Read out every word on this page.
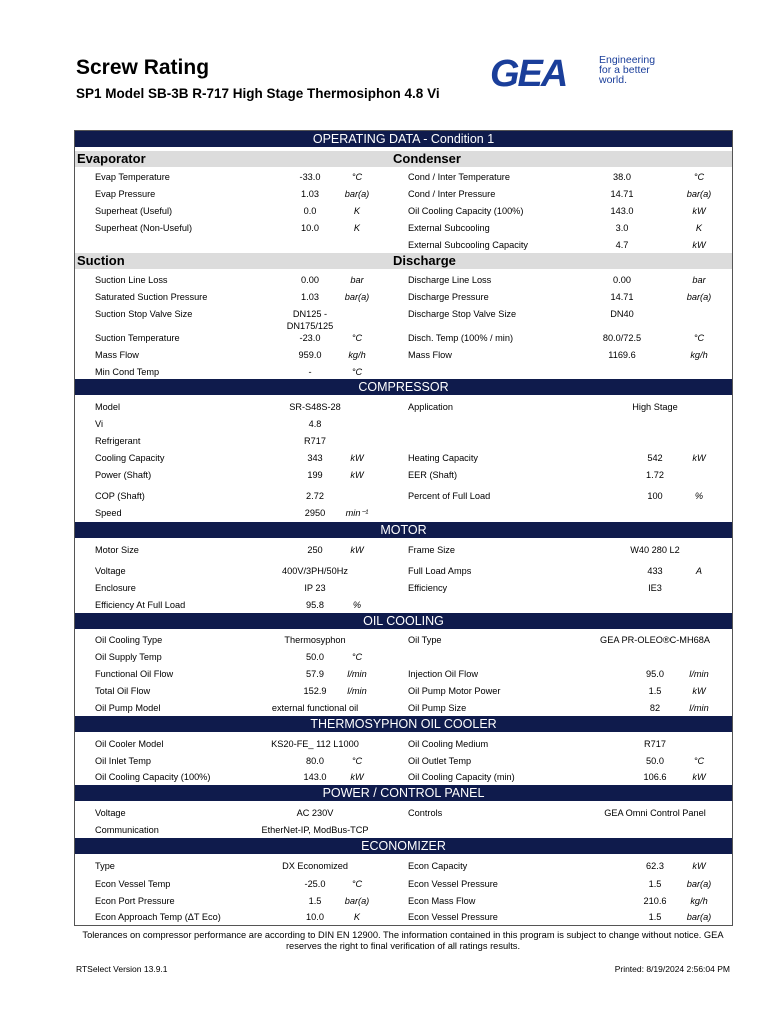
Screw Rating
SP1 Model SB-3B R-717 High Stage Thermosiphon 4.8 Vi GEA	Engineering
for a better
world.
OPERATING DATA - Condition 1
Evaporator	Condenser
Evap Temperature	-33.0	°C	Cond / Inter Temperature	38.0	°C
Evap Pressure	1.03	bar(a)	Cond / Inter Pressure	14.71	bar(a)
Superheat (Useful)	0.0	K	Oil Cooling Capacity (100%)	143.0	kW
Superheat (Non-Useful)	10.0	K	External Subcooling	3.0	K
External Subcooling Capacity	4.7	kW
Suction	Discharge
Suction Line Loss	0.00	bar	Discharge Line Loss	0.00	bar
Saturated Suction Pressure	1.03	bar(a)	Discharge Pressure	14.71	bar(a)
Suction Stop Valve Size	DN125 -	Discharge Stop Valve Size	DN40
DN175/125
Suction Temperature	-23.0	°C	Disch. Temp (100% / min)	80.0/72.5	°C
Mass Flow	959.0	kg/h	Mass Flow	1169.6	kg/h
Min Cond Temp	-	°C
COMPRESSOR
Model	SR-S48S-28	Application	High Stage
Vi	4.8
Refrigerant	R717
Cooling Capacity	343	kW	Heating Capacity	542	kW
Power (Shaft)	199	kW	EER (Shaft)	1.72
COP (Shaft)	2.72	Percent of Full Load	100	%
Speed	2950	min⁻¹
MOTOR
Motor Size	250	kW	Frame Size	W40 280 L2
Voltage	400V/3PH/50Hz	Full Load Amps	433	A
Enclosure	IP 23	Efficiency	IE3
Efficiency At Full Load	95.8	%
OIL COOLING
Oil Cooling Type	Thermosyphon	Oil Type	GEA PR-OLEO®C-MH68A
Oil Supply Temp	50.0	°C
Functional Oil Flow	57.9	l/min	Injection Oil Flow	95.0	l/min
Total Oil Flow	152.9	l/min	Oil Pump Motor Power	1.5	kW
Oil Pump Model	external functional oil	Oil Pump Size	82	l/min
THERMOSYPHON OIL COOLER
Oil Cooler Model	KS20-FE_ 112 L1000	Oil Cooling Medium	R717
Oil Inlet Temp	80.0	°C	Oil Outlet Temp	50.0	°C
Oil Cooling Capacity (100%)	143.0	kW	Oil Cooling Capacity (min)	106.6	kW
POWER / CONTROL PANEL
Voltage	AC 230V	Controls	GEA Omni Control Panel
Communication	EtherNet-IP, ModBus-TCP
ECONOMIZER
Type	DX Economized	Econ Capacity	62.3	kW
Econ Vessel Temp	-25.0	°C	Econ Vessel Pressure	1.5	bar(a)
Econ Port Pressure	1.5	bar(a)	Econ Mass Flow	210.6	kg/h
Econ Approach Temp (ΔT Eco)	10.0	K	Econ Vessel Pressure	1.5	bar(a)
Tolerances on compressor performance are according to DIN EN 12900. The information contained in this program is subject to change without notice. GEA reserves the right to final verification of all ratings results.
RTSelect Version 13.9.1	Printed: 8/19/2024 2:56:04 PM
